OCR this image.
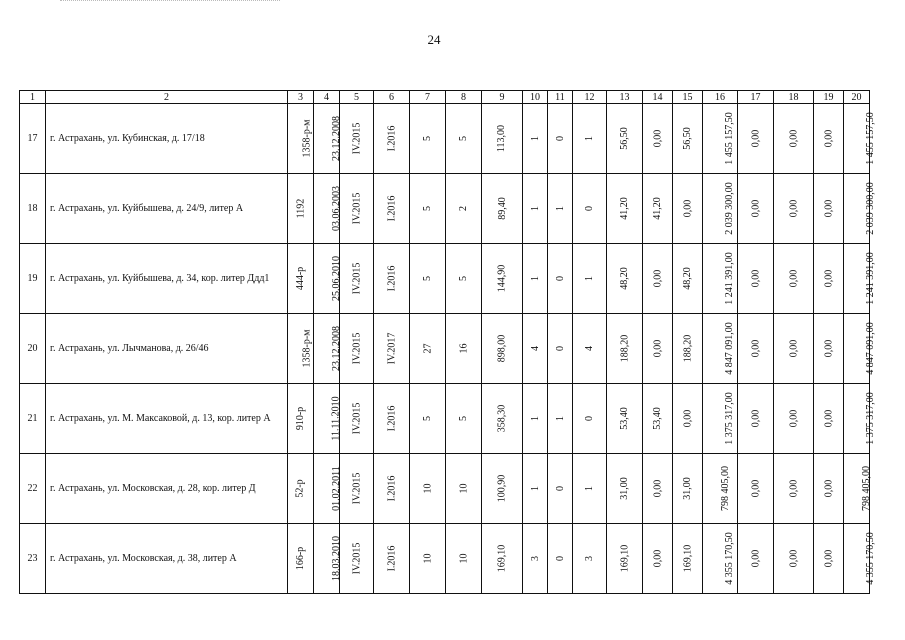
24
1	2	3	4	5	6	7	8	9	10	11	12	13	14	15	16	17	18	19	20
17	г. Астрахань, ул. Кубинская, д. 17/18	1358-р-м	23.12.2008	IV.2015	I.2016	5	5	113,00	1	0	1	56,50	0,00	56,50	1 455 157,50	0,00	0,00	0,00	1 455 157,50
18	г. Астрахань, ул. Куйбышева, д. 24/9, литер А	1192	03.06.2003	IV.2015	I.2016	5	2	89,40	1	1	0	41,20	41,20	0,00	2 039 300,00	0,00	0,00	0,00	2 039 300,00
19	г. Астрахань, ул. Куйбышева, д. 34, кор. литер Ддд1	444-р	25.06.2010	IV.2015	I.2016	5	5	144,90	1	0	1	48,20	0,00	48,20	1 241 391,00	0,00	0,00	0,00	1 241 391,00
20	г. Астрахань, ул. Лычманова, д. 26/46	1358-р-м	23.12.2008	IV.2015	IV.2017	27	16	898,00	4	0	4	188,20	0,00	188,20	4 847 091,00	0,00	0,00	0,00	4 847 091,00
21	г. Астрахань, ул. М. Максаковой, д. 13, кор. литер А	910-р	11.11.2010	IV.2015	I.2016	5	5	358,30	1	1	0	53,40	53,40	0,00	1 375 317,00	0,00	0,00	0,00	1 375 317,00
22	г. Астрахань, ул. Московская, д. 28, кор. литер Д	52-р	01.02.2011	IV.2015	I.2016	10	10	100,90	1	0	1	31,00	0,00	31,00	798 405,00	0,00	0,00	0,00	798 405,00
23	г. Астрахань, ул. Московская, д. 38, литер А	166-р	18.03.2010	IV.2015	I.2016	10	10	169,10	3	0	3	169,10	0,00	169,10	4 355 170,50	0,00	0,00	0,00	4 355 170,50
